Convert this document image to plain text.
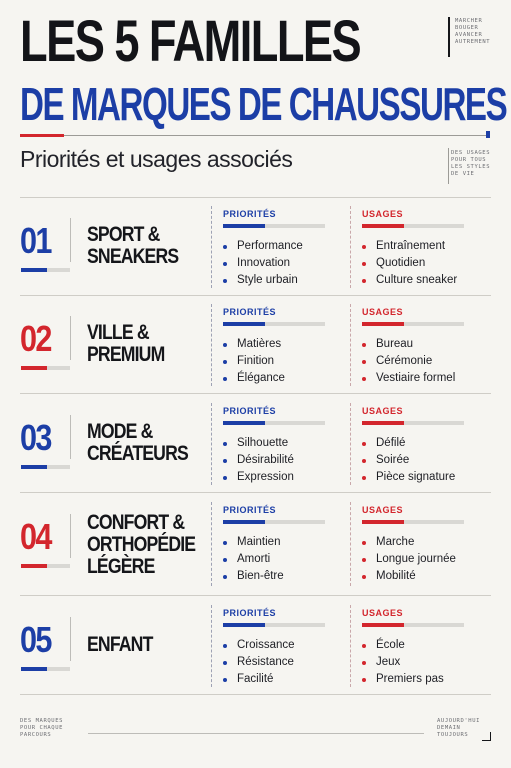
LES 5 FAMILLES
DE MARQUES DE CHAUSSURES
MARCHER
BOUGER
AVANCER
AUTREMENT
Priorités et usages associés	DES USAGES
POUR TOUS
LES STYLES
DE VIE
01 SPORT &
SNEAKERS
PRIORITÉS
Performance
Innovation
Style urbain
USAGES
Entraînement
Quotidien
Culture sneaker
02 VILLE &
PREMIUM
PRIORITÉS
Matières
Finition
Élégance
USAGES
Bureau
Cérémonie
Vestiaire formel
03 MODE &
CRÉATEURS
PRIORITÉS
Silhouette
Désirabilité
Expression
USAGES
Défilé
Soirée
Pièce signature
04 CONFORT &
ORTHOPÉDIE
LÉGÈRE
PRIORITÉS
Maintien
Amorti
Bien-être
USAGES
Marche
Longue journée
Mobilité
05 ENFANT
PRIORITÉS
Croissance
Résistance
Facilité
USAGES
École
Jeux
Premiers pas
DES MARQUES
POUR CHAQUE
PARCOURS
AUJOURD'HUI
DEMAIN
TOUJOURS
